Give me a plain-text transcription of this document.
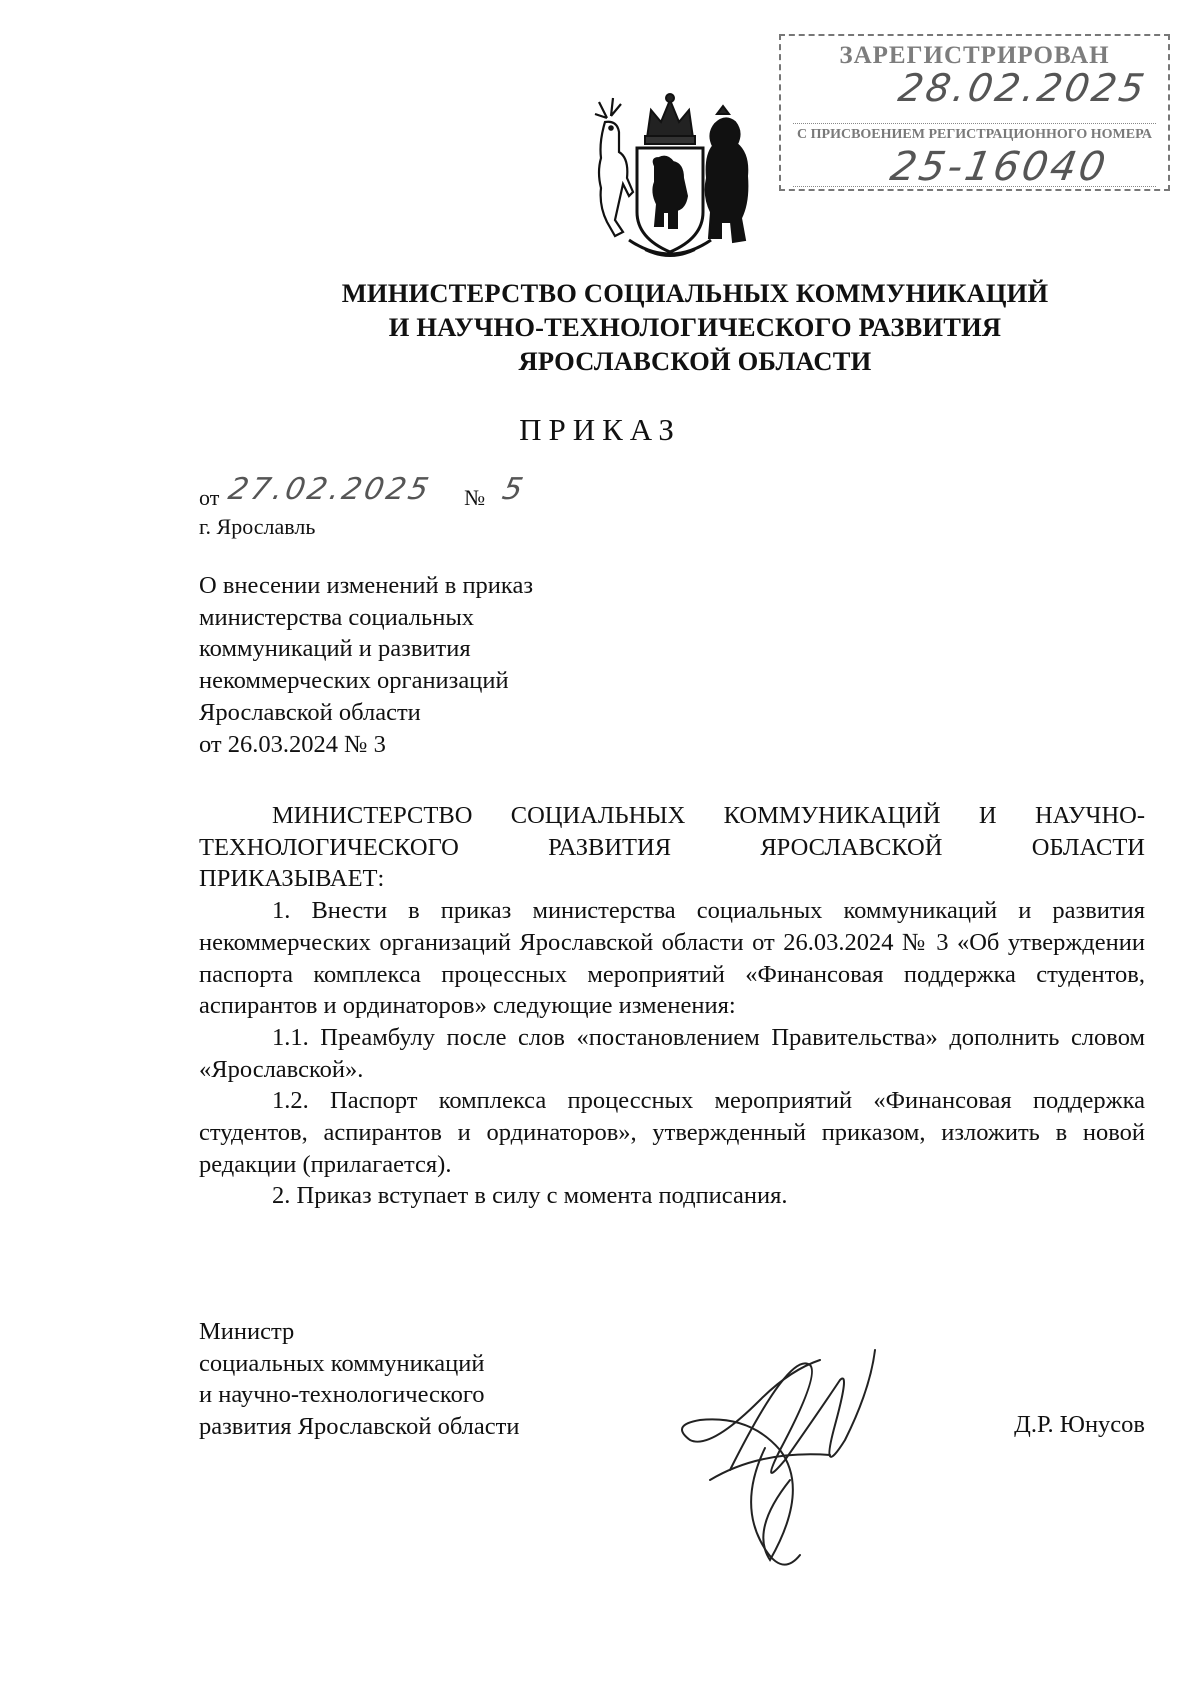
ЗАРЕГИСТРИРОВАН
28.02.2025
С ПРИСВОЕНИЕМ РЕГИСТРАЦИОННОГО НОМЕРА
25-16040
МИНИСТЕРСТВО СОЦИАЛЬНЫХ КОММУНИКАЦИЙ
И НАУЧНО-ТЕХНОЛОГИЧЕСКОГО РАЗВИТИЯ
ЯРОСЛАВСКОЙ ОБЛАСТИ
ПРИКАЗ
от 27.02.2025 № 5
г. Ярославль
О внесении изменений в приказ
министерства социальных
коммуникаций и развития
некоммерческих организаций
Ярославской области
от 26.03.2024 № 3

МИНИСТЕРСТВО СОЦИАЛЬНЫХ КОММУНИКАЦИЙ И НАУЧНО-

ТЕХНОЛОГИЧЕСКОГО РАЗВИТИЯ ЯРОСЛАВСКОЙ ОБЛАСТИ

ПРИКАЗЫВАЕТ:

1. Внести в приказ министерства социальных коммуникаций и развития некоммерческих организаций Ярославской области от 26.03.2024 № 3 «Об утверждении паспорта комплекса процессных мероприятий «Финансовая поддержка студентов, аспирантов и ординаторов» следующие изменения:

1.1. Преамбулу после слов «постановлением Правительства» дополнить словом «Ярославской».

1.2. Паспорт комплекса процессных мероприятий «Финансовая поддержка студентов, аспирантов и ординаторов», утвержденный приказом, изложить в новой редакции (прилагается).

2. Приказ вступает в силу с момента подписания.

Министр
социальных коммуникаций
и научно-технологического
развития Ярославской области	Д.Р. Юнусов
